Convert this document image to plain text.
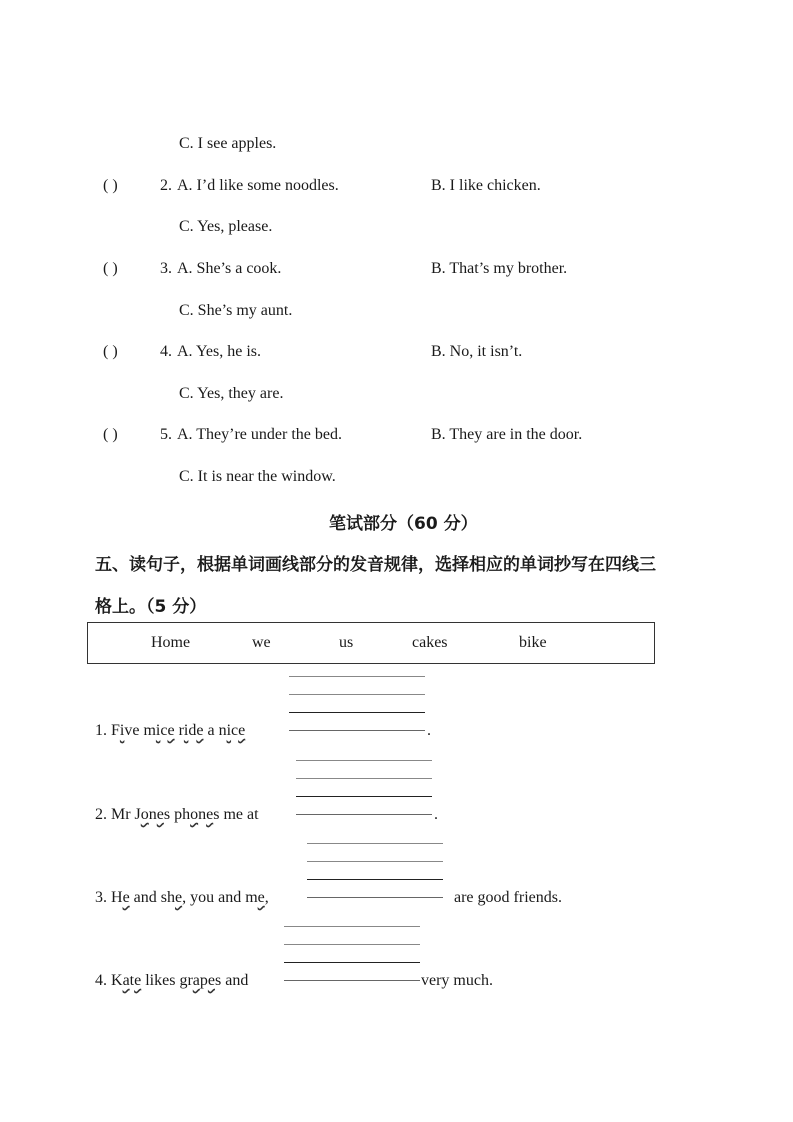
C. I see apples.
( )	2. A. I’d like some noodles.	B. I like chicken.
C. Yes, please.
( )	3. A. She’s a cook.	B. That’s my brother.
C. She’s my aunt.
( )	4. A. Yes, he is.	B. No, it isn’t.
C. Yes, they are.
( )	5. A. They’re under the bed.	B. They are in the door.
C. It is near the window.
笔试部分（60 分）
五、读句子，根据单词画线部分的发音规律，选择相应的单词抄写在四线三
格上。（5 分）
Home	we	us	cakes	bike
1. Five mice ride a nice	.
2. Mr Jones phones me at	.
3. He and she, you and me,	are good friends.
4. Kate likes grapes and	very much.
